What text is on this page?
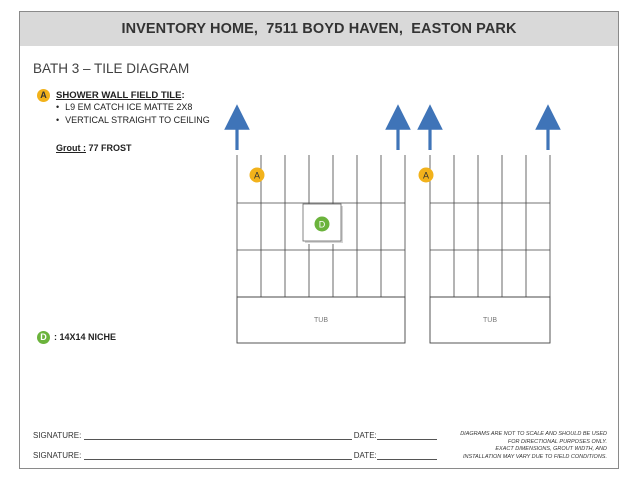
INVENTORY HOME,  7511 BOYD HAVEN,  EASTON PARK
BATH 3 – TILE DIAGRAM
A SHOWER WALL FIELD TILE:
• L9 EM CATCH ICE MATTE 2X8
• VERTICAL STRAIGHT TO CEILING
Grout : 77 FROST
D : 14X14 NICHE
TUB
A
D
TUB
A
SIGNATURE:	DATE:
SIGNATURE:	DATE:
DIAGRAMS ARE NOT TO SCALE AND SHOULD BE USED
FOR DIRECTIONAL PURPOSES ONLY.
EXACT DIMENSIONS, GROUT WIDTH, AND
INSTALLATION MAY VARY DUE TO FIELD CONDITIONS.
